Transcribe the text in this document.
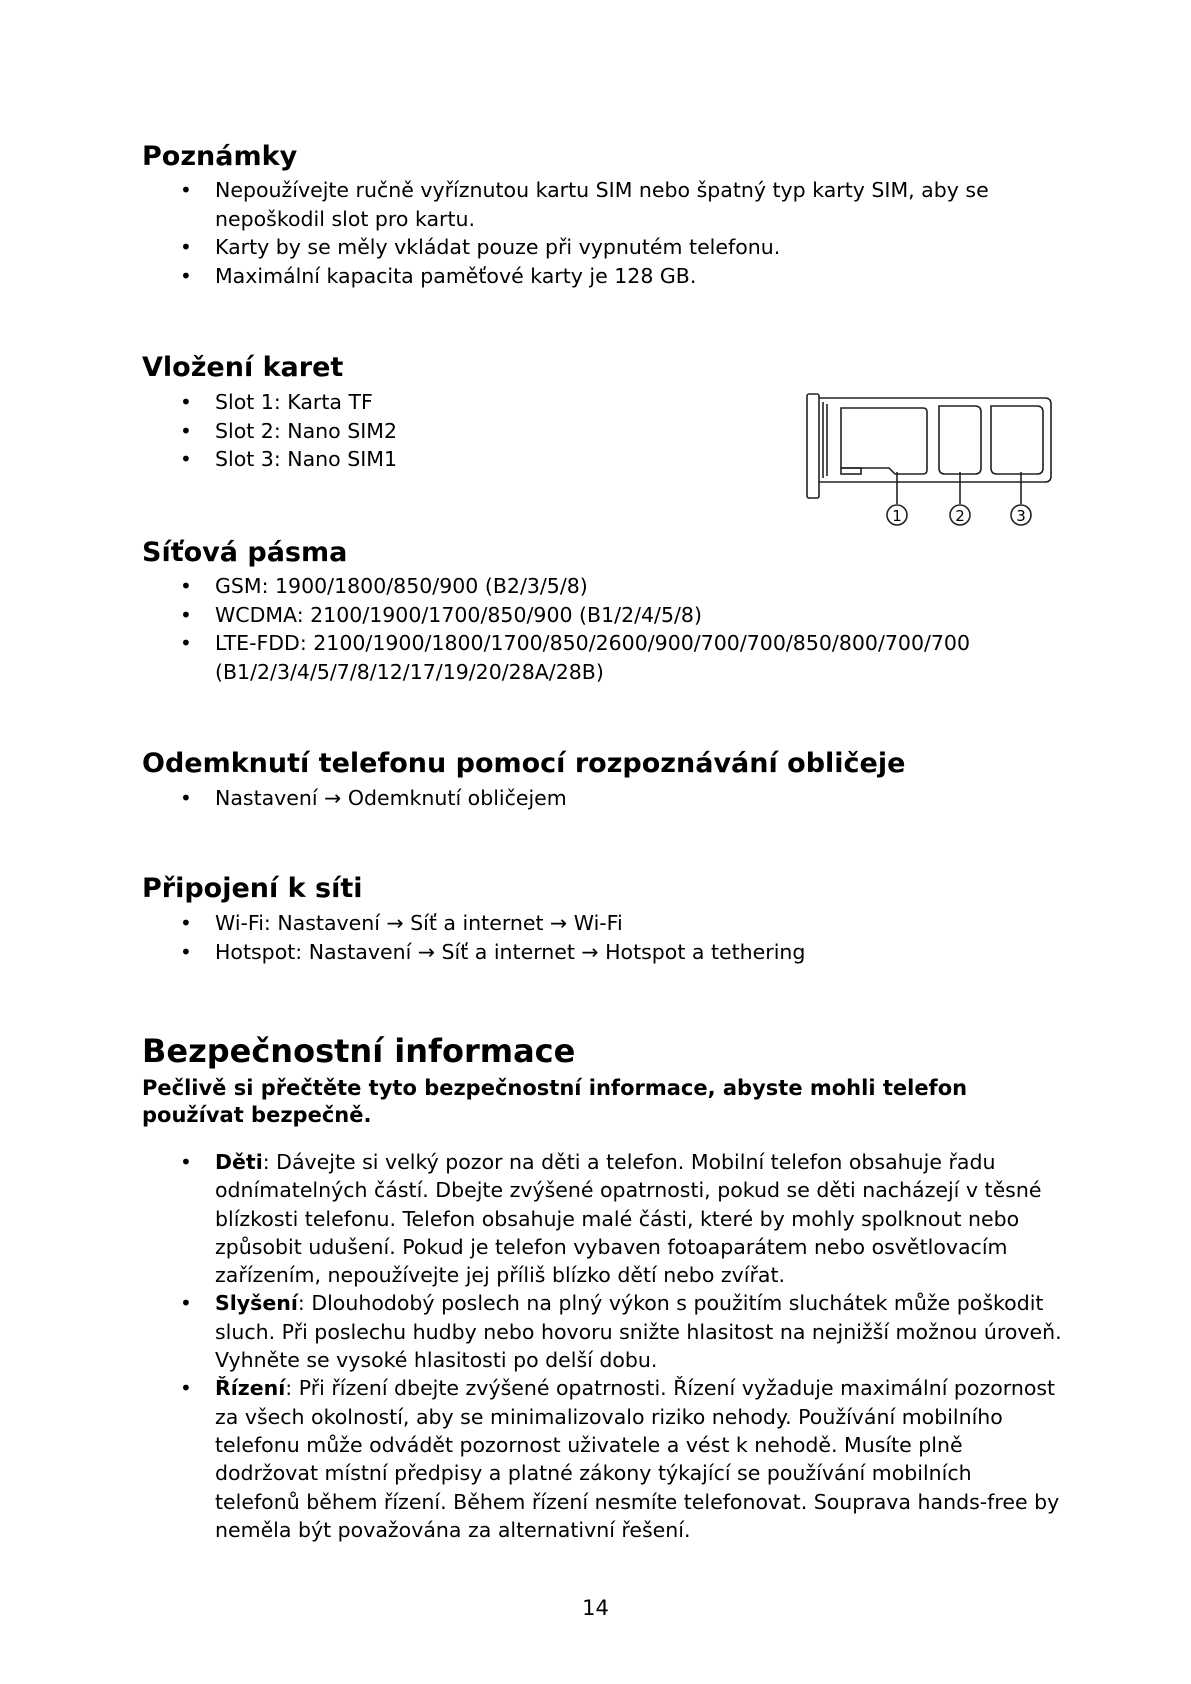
Poznámky
• Nepoužívejte ručně vyříznutou kartu SIM nebo špatný typ karty SIM, aby se nepoškodil slot pro kartu.
• Karty by se měly vkládat pouze při vypnutém telefonu.
• Maximální kapacita paměťové karty je 128 GB.
Vložení karet
• Slot 1: Karta TF
• Slot 2: Nano SIM2
• Slot 3: Nano SIM1
1	2	3
Síťová pásma
• GSM: 1900/1800/850/900 (B2/3/5/8)
• WCDMA: 2100/1900/1700/850/900 (B1/2/4/5/8)
• LTE-FDD: 2100/1900/1800/1700/850/2600/900/700/700/850/800/700/700 (B1/2/3/4/5/7/8/12/17/19/20/28A/28B)
Odemknutí telefonu pomocí rozpoznávání obličeje
• Nastavení → Odemknutí obličejem
Připojení k síti
• Wi-Fi: Nastavení → Síť a internet → Wi-Fi
• Hotspot: Nastavení → Síť a internet → Hotspot a tethering
Bezpečnostní informace

Pečlivě si přečtěte tyto bezpečnostní informace, abyste mohli telefon používat bezpečně.

• Děti: Dávejte si velký pozor na děti a telefon. Mobilní telefon obsahuje řadu odnímatelných částí. Dbejte zvýšené opatrnosti, pokud se děti nacházejí v těsné blízkosti telefonu. Telefon obsahuje malé části, které by mohly spolknout nebo způsobit udušení. Pokud je telefon vybaven fotoaparátem nebo osvětlovacím zařízením, nepoužívejte jej příliš blízko dětí nebo zvířat.
• Slyšení: Dlouhodobý poslech na plný výkon s použitím sluchátek může poškodit sluch. Při poslechu hudby nebo hovoru snižte hlasitost na nejnižší možnou úroveň. Vyhněte se vysoké hlasitosti po delší dobu.
• Řízení: Při řízení dbejte zvýšené opatrnosti. Řízení vyžaduje maximální pozornost za všech okolností, aby se minimalizovalo riziko nehody. Používání mobilního telefonu může odvádět pozornost uživatele a vést k nehodě. Musíte plně dodržovat místní předpisy a platné zákony týkající se používání mobilních telefonů během řízení. Během řízení nesmíte telefonovat. Souprava hands-free by neměla být považována za alternativní řešení.
14
